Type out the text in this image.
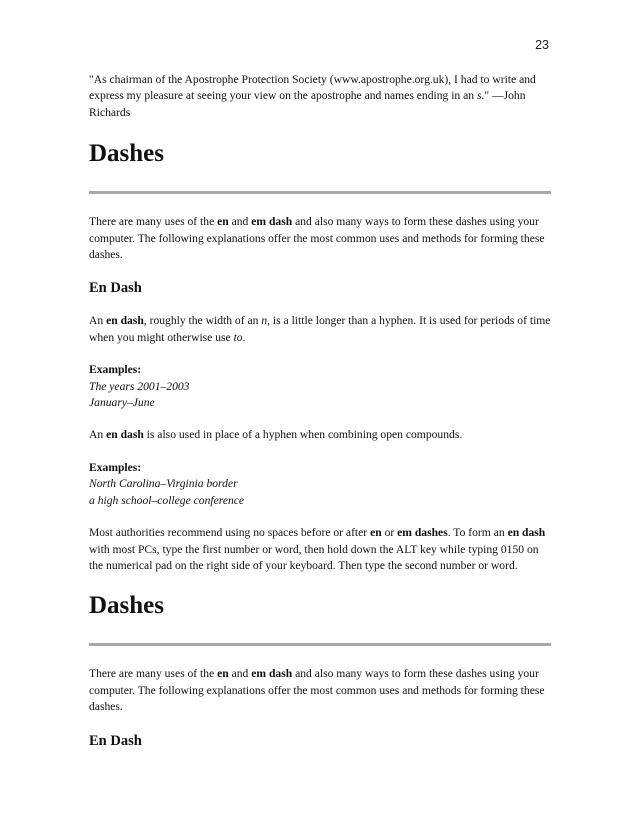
23

"As chairman of the Apostrophe Protection Society (www.apostrophe.org.uk), I had to write and express my pleasure at seeing your view on the apostrophe and names ending in an s." —John Richards

Dashes

There are many uses of the en and em dash and also many ways to form these dashes using your computer. The following explanations offer the most common uses and methods for forming these dashes.

En Dash

An en dash, roughly the width of an n, is a little longer than a hyphen. It is used for periods of time when you might otherwise use to.

Examples:

The years 2001–2003

January–June

An en dash is also used in place of a hyphen when combining open compounds.

Examples:

North Carolina–Virginia border

a high school–college conference

Most authorities recommend using no spaces before or after en or em dashes. To form an en dash with most PCs, type the first number or word, then hold down the ALT key while typing 0150 on the numerical pad on the right side of your keyboard. Then type the second number or word.

Dashes

There are many uses of the en and em dash and also many ways to form these dashes using your computer. The following explanations offer the most common uses and methods for forming these dashes.

En Dash
